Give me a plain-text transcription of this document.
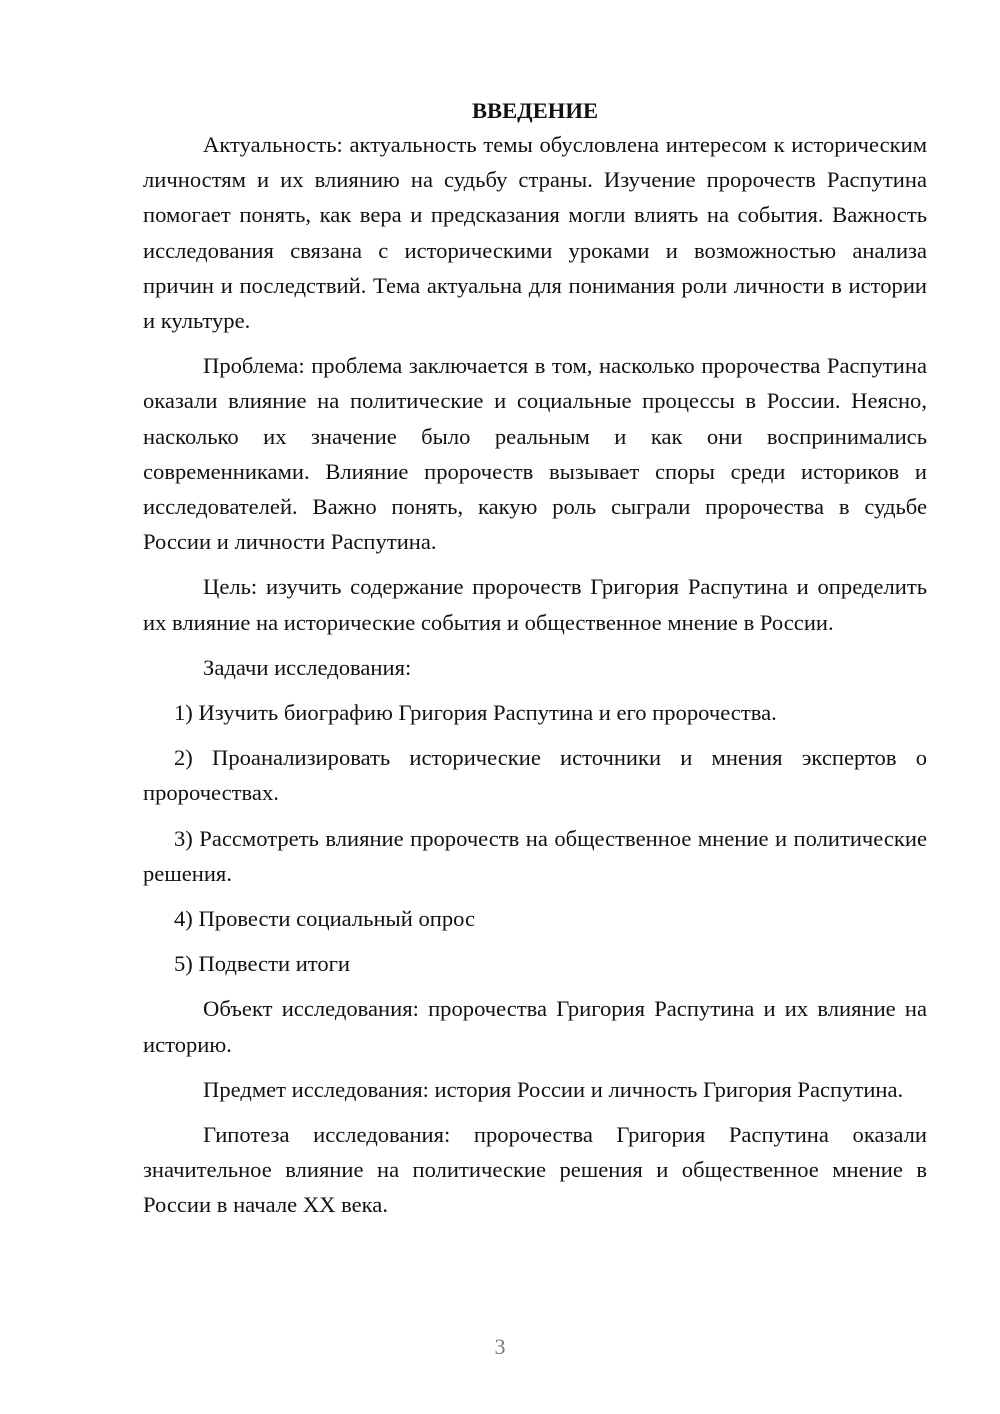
ВВЕДЕНИЕ

Актуальность: актуальность темы обусловлена интересом к историческим личностям и их влиянию на судьбу страны. Изучение пророчеств Распутина помогает понять, как вера и предсказания могли влиять на события. Важность исследования связана с историческими уроками и возможностью анализа причин и последствий. Тема актуальна для понимания роли личности в истории и культуре.

Проблема: проблема заключается в том, насколько пророчества Распутина оказали влияние на политические и социальные процессы в России. Неясно, насколько их значение было реальным и как они воспринимались современниками. Влияние пророчеств вызывает споры среди историков и исследователей. Важно понять, какую роль сыграли пророчества в судьбе России и личности Распутина.

Цель: изучить содержание пророчеств Григория Распутина и определить их влияние на исторические события и общественное мнение в России.

Задачи исследования:

1) Изучить биографию Григория Распутина и его пророчества.

2) Проанализировать исторические источники и мнения экспертов о пророчествах.

3) Рассмотреть влияние пророчеств на общественное мнение и политические решения.

4) Провести социальный опрос

5) Подвести итоги

Объект исследования: пророчества Григория Распутина и их влияние на историю.

Предмет исследования: история России и личность Григория Распутина.

Гипотеза исследования: пророчества Григория Распутина оказали значительное влияние на политические решения и общественное мнение в России в начале XX века.

3
